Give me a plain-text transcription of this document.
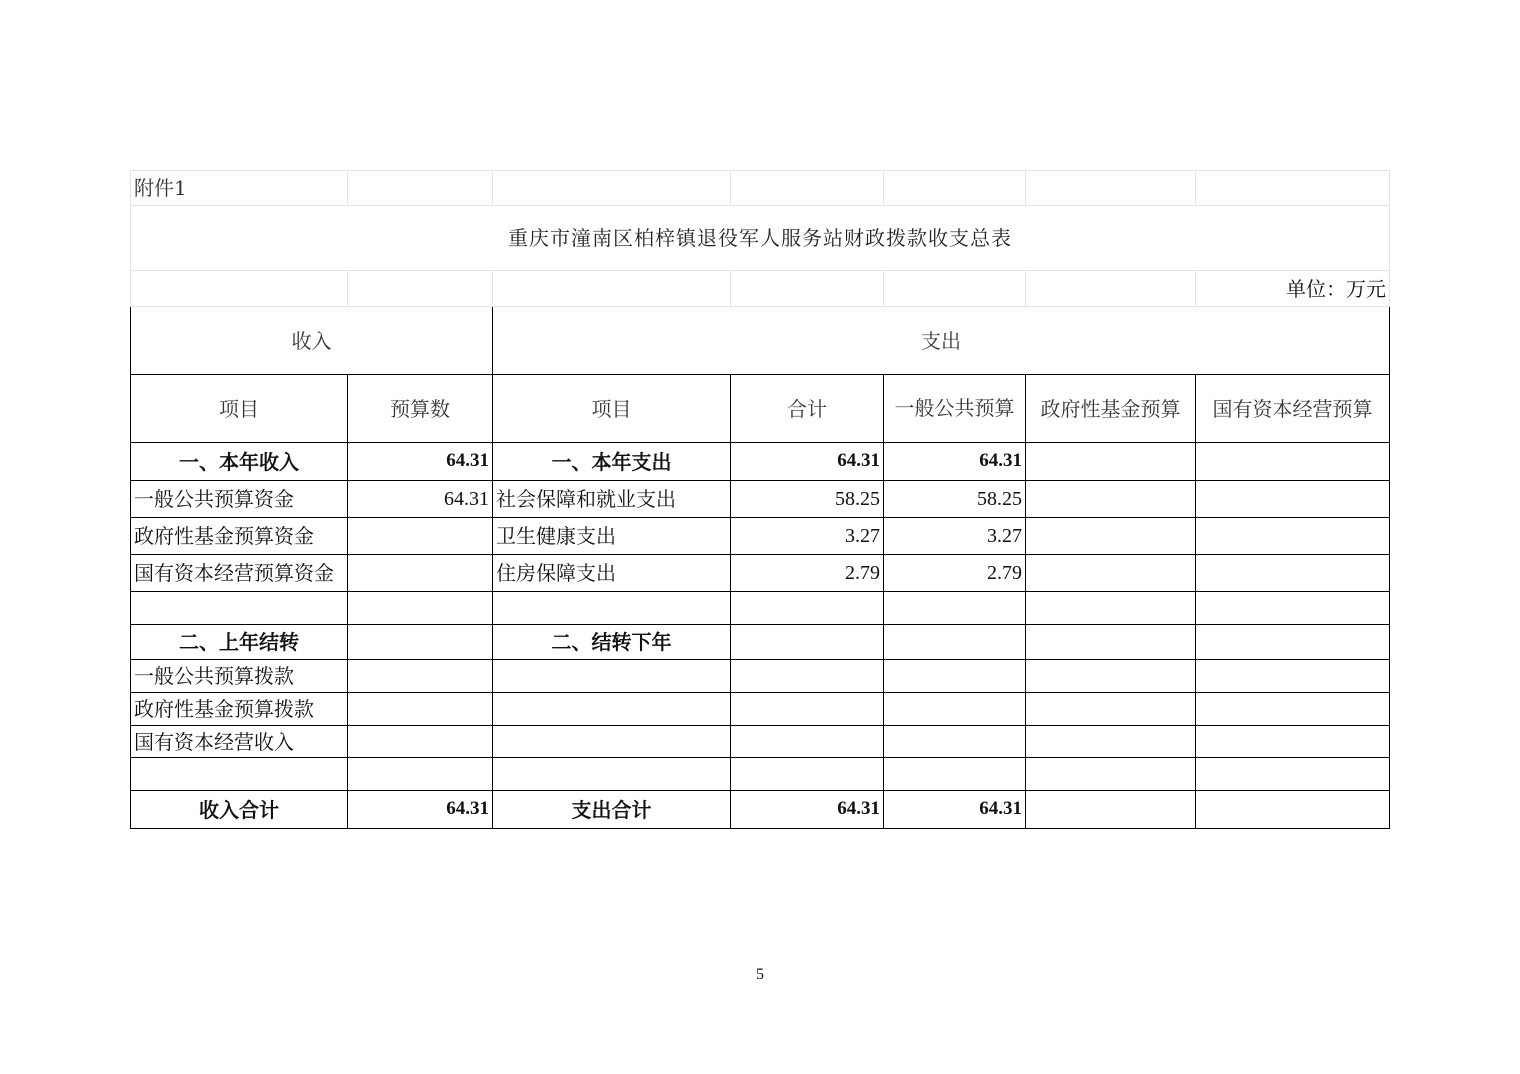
附件1						
重庆市潼南区柏梓镇退役军人服务站财政拨款收支总表						
						单位：万元
收入		支出				
项目	预算数	项目	合计	一般公共预算	政府性基金预算	国有资本经营预算
一、本年收入	64.31	一、本年支出	64.31	64.31		
一般公共预算资金	64.31	社会保障和就业支出	58.25	58.25		
政府性基金预算资金		卫生健康支出	3.27	3.27		
国有资本经营预算资金		住房保障支出	2.79	2.79		

二、上年结转		二、结转下年				
一般公共预算拨款						
政府性基金预算拨款						
国有资本经营收入						

收入合计	64.31	支出合计	64.31	64.31		
5
